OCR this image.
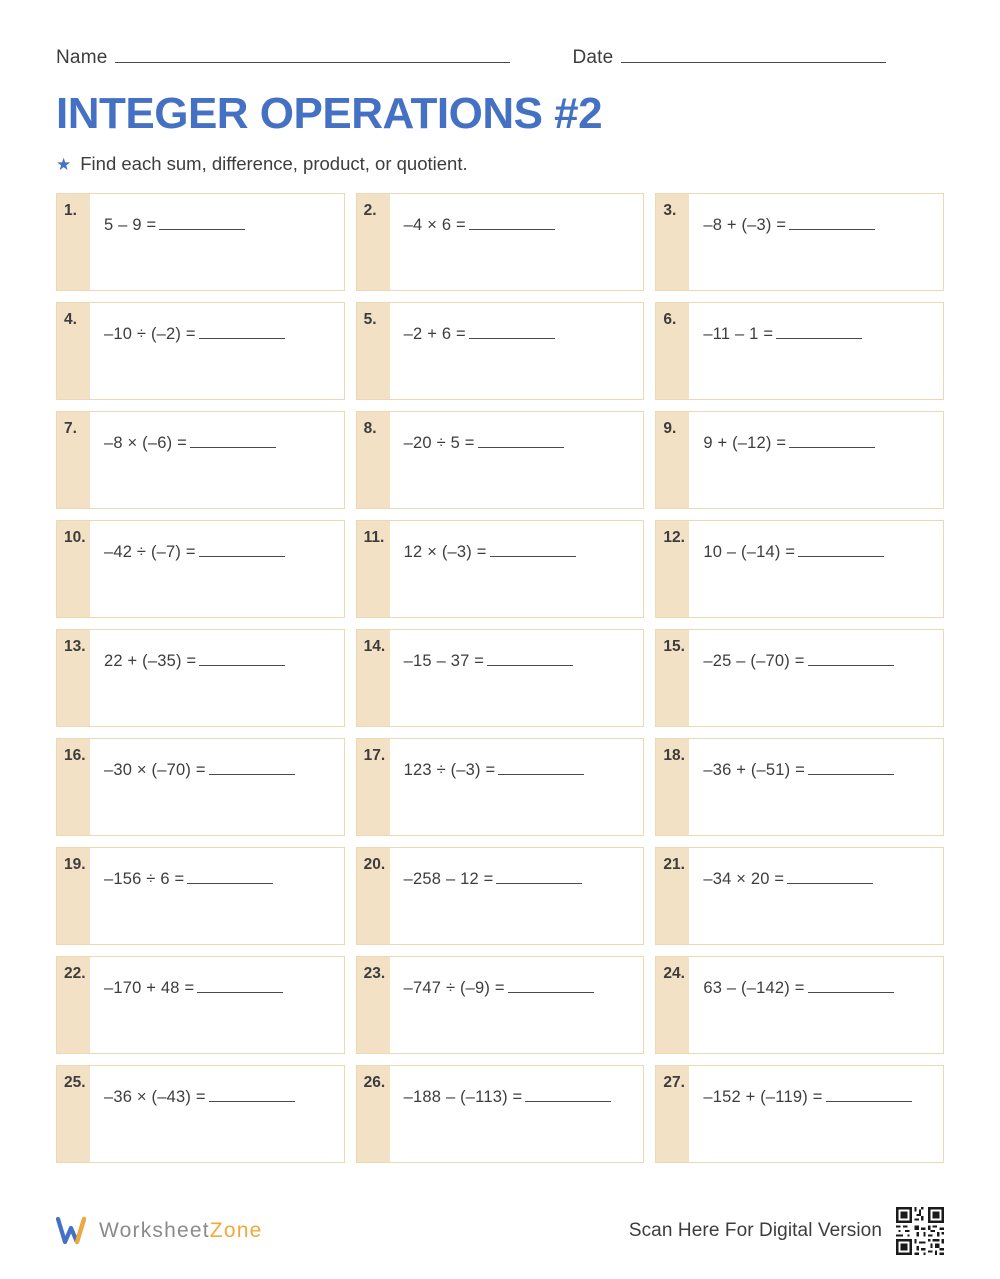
Name	Date
INTEGER OPERATIONS #2
★ Find each sum, difference, product, or quotient.
1.
5 – 9 =
2.
–4 × 6 =
3.
–8 + (–3) =
4.
–10 ÷ (–2) =
5.
–2 + 6 =
6.
–11 – 1 =
7.
–8 × (–6) =
8.
–20 ÷ 5 =
9.
9 + (–12) =
10.
–42 ÷ (–7) =
11.
12 × (–3) =
12.
10 – (–14) =
13.
22 + (–35) =
14.
–15 – 37 =
15.
–25 – (–70) =
16.
–30 × (–70) =
17.
123 ÷ (–3) =
18.
–36 + (–51) =
19.
–156 ÷ 6 =
20.
–258 – 12 =
21.
–34 × 20 =
22.
–170 + 48 =
23.
–747 ÷ (–9) =
24.
63 – (–142) =
25.
–36 × (–43) =
26.
–188 – (–113) =
27.
–152 + (–119) =
WorksheetZone	Scan Here For Digital Version
